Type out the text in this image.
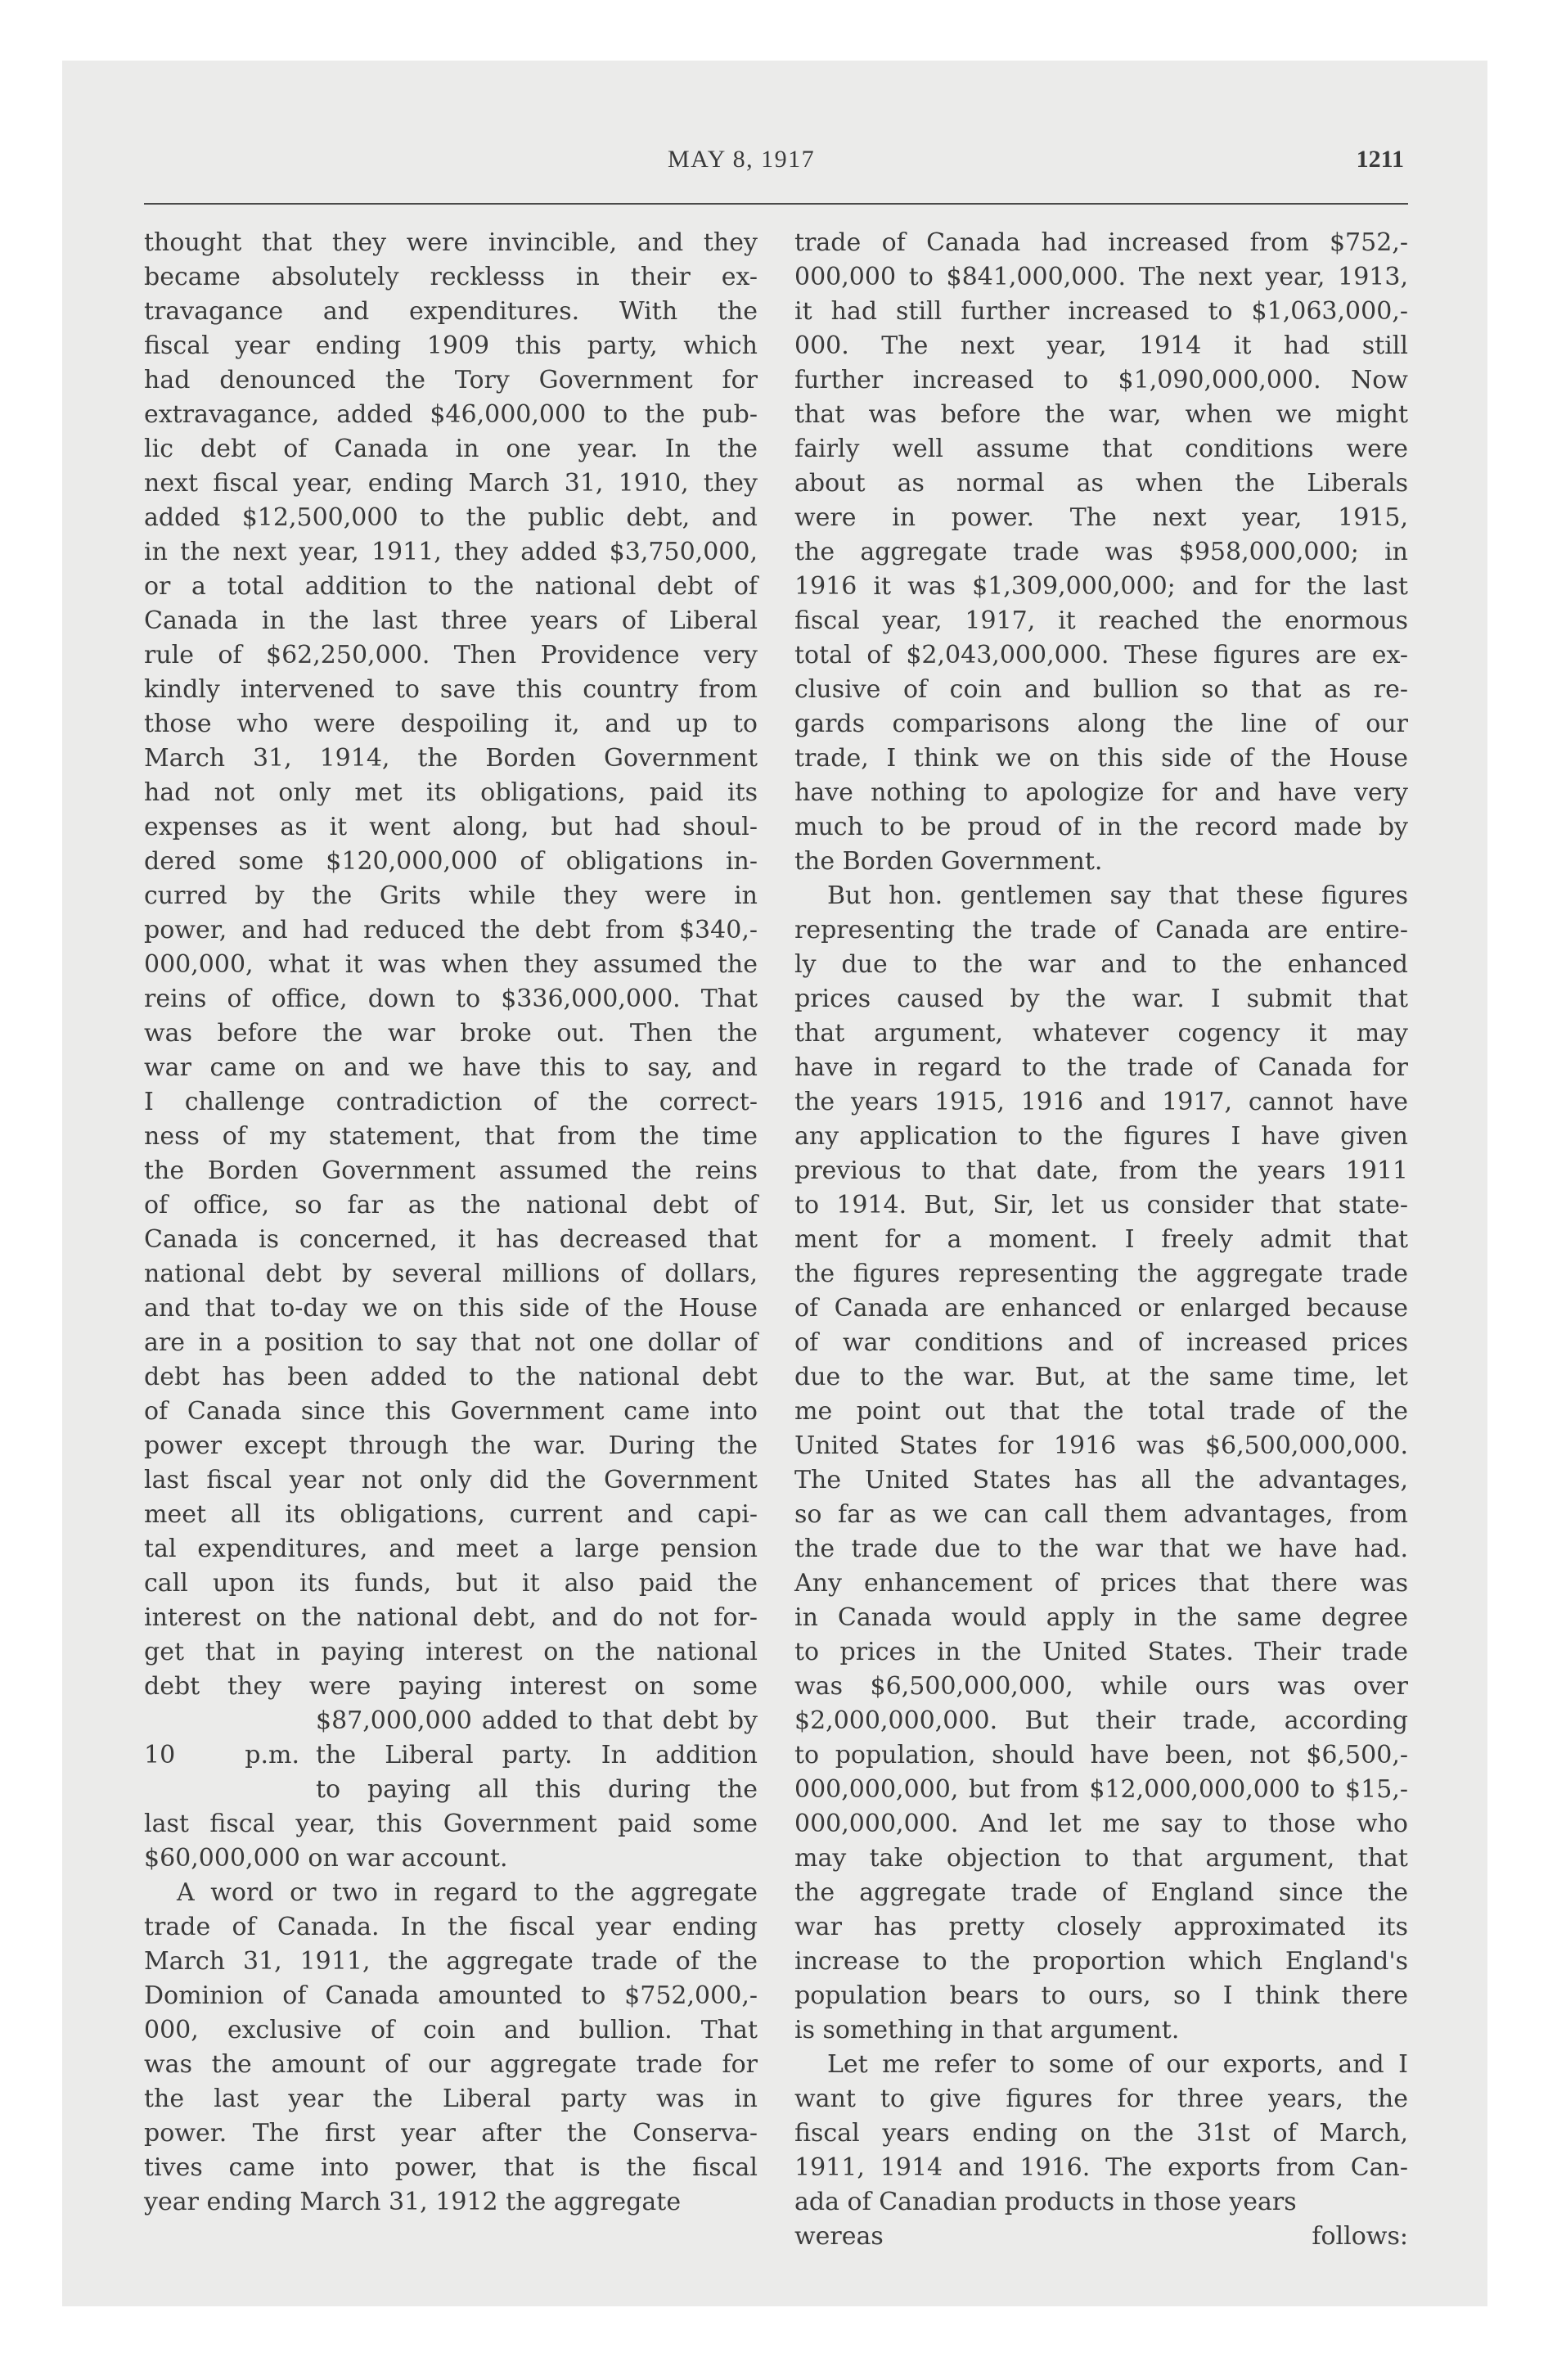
MAY 8, 1917	1211
thought that they were invincible, and they
became absolutely recklesss in their ex-
travagance and expenditures. With the
fiscal year ending 1909 this party, which
had denounced the Tory Government for
extravagance, added $46,000,000 to the pub-
lic debt of Canada in one year. In the
next fiscal year, ending March 31, 1910, they
added $12,500,000 to the public debt, and
in the next year, 1911, they added $3,750,000,
or a total addition to the national debt of
Canada in the last three years of Liberal
rule of $62,250,000. Then Providence very
kindly intervened to save this country from
those who were despoiling it, and up to
March 31, 1914, the Borden Government
had not only met its obligations, paid its
expenses as it went along, but had shoul-
dered some $120,000,000 of obligations in-
curred by the Grits while they were in
power, and had reduced the debt from $340,-
000,000, what it was when they assumed the
reins of office, down to $336,000,000. That
was before the war broke out. Then the
war came on and we have this to say, and
I challenge contradiction of the correct-
ness of my statement, that from the time
the Borden Government assumed the reins
of office, so far as the national debt of
Canada is concerned, it has decreased that
national debt by several millions of dollars,
and that to-day we on this side of the House
are in a position to say that not one dollar of
debt has been added to the national debt
of Canada since this Government came into
power except through the war. During the
last fiscal year not only did the Government
meet all its obligations, current and capi-
tal expenditures, and meet a large pension
call upon its funds, but it also paid the
interest on the national debt, and do not for-
get that in paying interest on the national
debt they were paying interest on some
$87,000,000 added to that debt by
10 p.m. the Liberal party. In addition
to paying all this during the
last fiscal year, this Government paid some
$60,000,000 on war account.
A word or two in regard to the aggregate
trade of Canada. In the fiscal year ending
March 31, 1911, the aggregate trade of the
Dominion of Canada amounted to $752,000,-
000, exclusive of coin and bullion. That
was the amount of our aggregate trade for
the last year the Liberal party was in
power. The first year after the Conserva-
tives came into power, that is the fiscal
year ending March 31, 1912 the aggregate
trade of Canada had increased from $752,-
000,000 to $841,000,000. The next year, 1913,
it had still further increased to $1,063,000,-
000. The next year, 1914 it had still
further increased to $1,090,000,000. Now
that was before the war, when we might
fairly well assume that conditions were
about as normal as when the Liberals
were in power. The next year, 1915,
the aggregate trade was $958,000,000; in
1916 it was $1,309,000,000; and for the last
fiscal year, 1917, it reached the enormous
total of $2,043,000,000. These figures are ex-
clusive of coin and bullion so that as re-
gards comparisons along the line of our
trade, I think we on this side of the House
have nothing to apologize for and have very
much to be proud of in the record made by
the Borden Government.
But hon. gentlemen say that these figures
representing the trade of Canada are entire-
ly due to the war and to the enhanced
prices caused by the war. I submit that
that argument, whatever cogency it may
have in regard to the trade of Canada for
the years 1915, 1916 and 1917, cannot have
any application to the figures I have given
previous to that date, from the years 1911
to 1914. But, Sir, let us consider that state-
ment for a moment. I freely admit that
the figures representing the aggregate trade
of Canada are enhanced or enlarged because
of war conditions and of increased prices
due to the war. But, at the same time, let
me point out that the total trade of the
United States for 1916 was $6,500,000,000.
The United States has all the advantages,
so far as we can call them advantages, from
the trade due to the war that we have had.
Any enhancement of prices that there was
in Canada would apply in the same degree
to prices in the United States. Their trade
was $6,500,000,000, while ours was over
$2,000,000,000. But their trade, according
to population, should have been, not $6,500,-
000,000,000, but from $12,000,000,000 to $15,-
000,000,000. And let me say to those who
may take objection to that argument, that
the aggregate trade of England since the
war has pretty closely approximated its
increase to the proportion which England's
population bears to ours, so I think there
is something in that argument.
Let me refer to some of our exports, and I
want to give figures for three years, the
fiscal years ending on the 31st of March,
1911, 1914 and 1916. The exports from Can-
ada of Canadian products in those years
wereas follows:
